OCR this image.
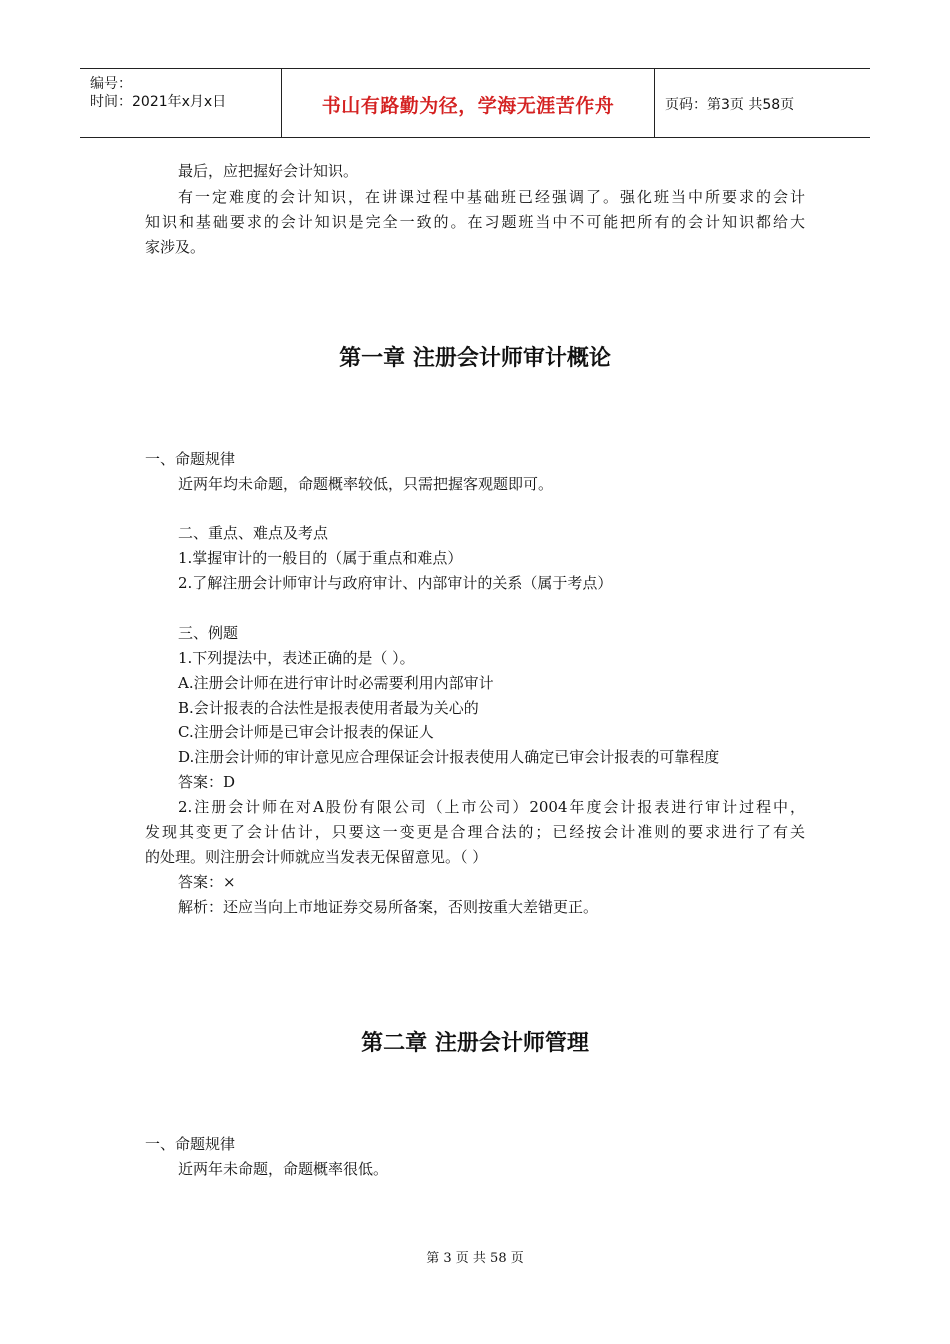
编号：
时间：2021年x月x日	书山有路勤为径，学海无涯苦作舟	页码：第3页 共58页
最后，应把握好会计知识。
有一定难度的会计知识，在讲课过程中基础班已经强调了。强化班当中所要求的会计
知识和基础要求的会计知识是完全一致的。在习题班当中不可能把所有的会计知识都给大
家涉及。
第一章 注册会计师审计概论
一、命题规律
近两年均未命题，命题概率较低，只需把握客观题即可。
二、重点、难点及考点
1.掌握审计的一般目的（属于重点和难点）
2.了解注册会计师审计与政府审计、内部审计的关系（属于考点）
三、例题
1.下列提法中，表述正确的是（ ）。
A.注册会计师在进行审计时必需要利用内部审计
B.会计报表的合法性是报表使用者最为关心的
C.注册会计师是已审会计报表的保证人
D.注册会计师的审计意见应合理保证会计报表使用人确定已审会计报表的可靠程度
答案：D
2.注册会计师在对A股份有限公司（上市公司）2004年度会计报表进行审计过程中，
发现其变更了会计估计，只要这一变更是合理合法的；已经按会计准则的要求进行了有关
的处理。则注册会计师就应当发表无保留意见。（ ）
答案：×
解析：还应当向上市地证券交易所备案，否则按重大差错更正。
第二章 注册会计师管理
一、命题规律
近两年未命题，命题概率很低。
第 3 页 共 58 页
